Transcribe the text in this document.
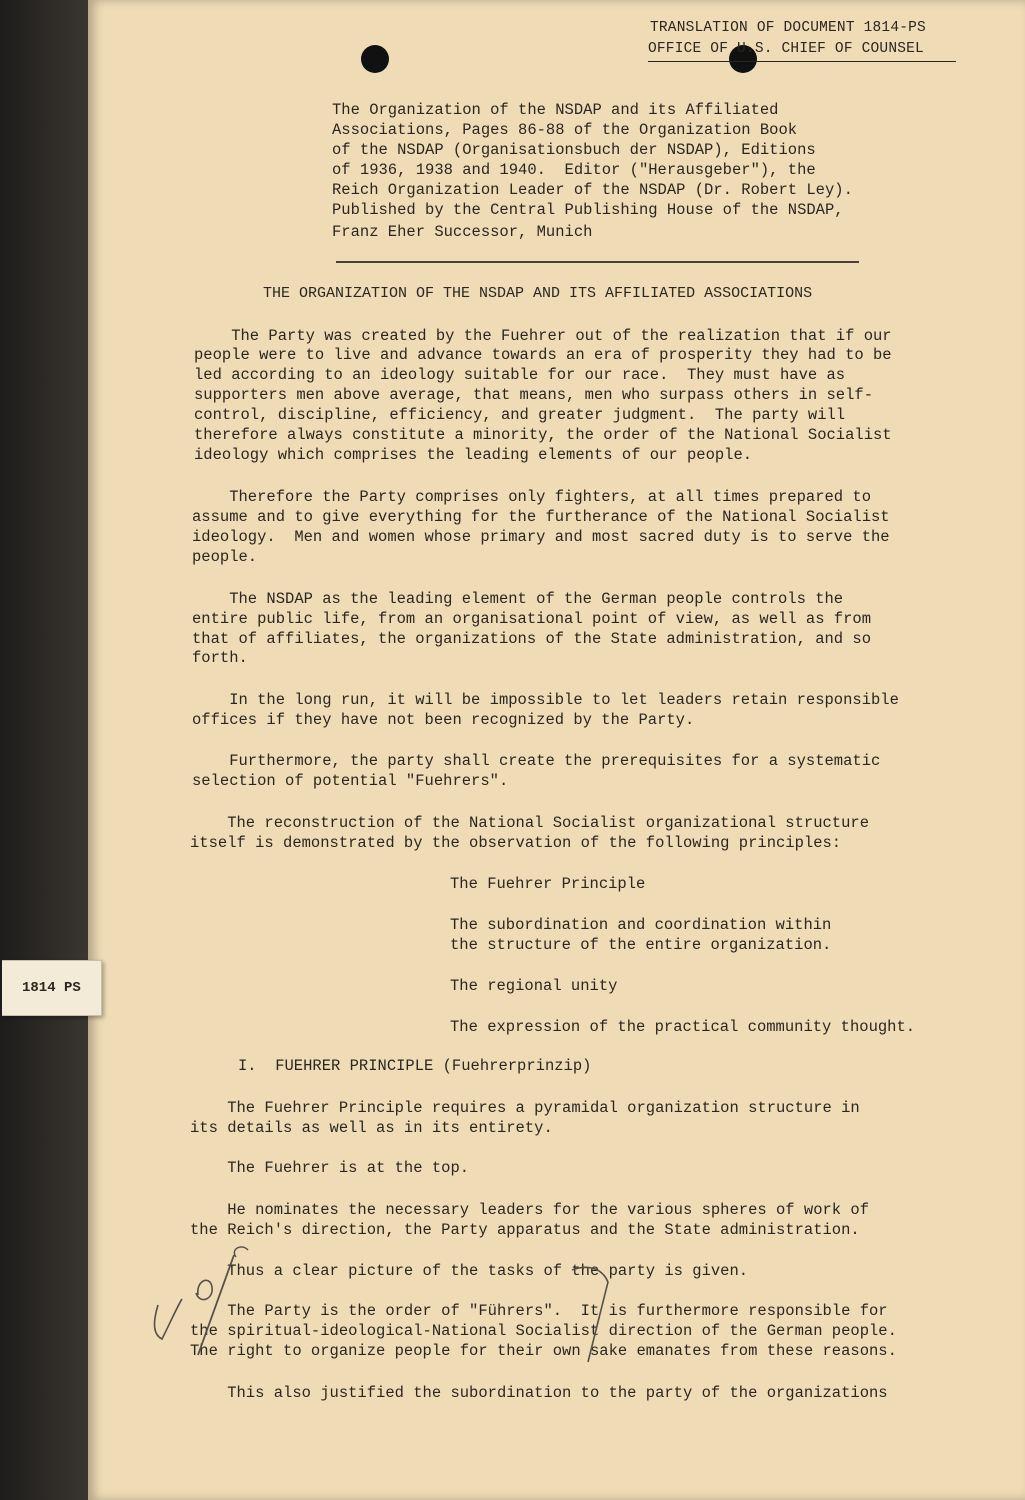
TRANSLATION OF DOCUMENT 1814-PS
OFFICE OF U.S. CHIEF OF COUNSEL
The Organization of the NSDAP and its Affiliated
Associations, Pages 86-88 of the Organization Book
of the NSDAP (Organisationsbuch der NSDAP), Editions
of 1936, 1938 and 1940.  Editor ("Herausgeber"), the
Reich Organization Leader of the NSDAP (Dr. Robert Ley).
Published by the Central Publishing House of the NSDAP,
Franz Eher Successor, Munich
THE ORGANIZATION OF THE NSDAP AND ITS AFFILIATED ASSOCIATIONS
The Party was created by the Fuehrer out of the realization that if our
people were to live and advance towards an era of prosperity they had to be
led according to an ideology suitable for our race.  They must have as
supporters men above average, that means, men who surpass others in self-
control, discipline, efficiency, and greater judgment.  The party will
therefore always constitute a minority, the order of the National Socialist
ideology which comprises the leading elements of our people.
Therefore the Party comprises only fighters, at all times prepared to
assume and to give everything for the furtherance of the National Socialist
ideology.  Men and women whose primary and most sacred duty is to serve the
people.
The NSDAP as the leading element of the German people controls the
entire public life, from an organisational point of view, as well as from
that of affiliates, the organizations of the State administration, and so
forth.
In the long run, it will be impossible to let leaders retain responsible
offices if they have not been recognized by the Party.
Furthermore, the party shall create the prerequisites for a systematic
selection of potential "Fuehrers".
The reconstruction of the National Socialist organizational structure
itself is demonstrated by the observation of the following principles:
The Fuehrer Principle
The subordination and coordination within
the structure of the entire organization.
The regional unity
The expression of the practical community thought.
I.  FUEHRER PRINCIPLE (Fuehrerprinzip)
The Fuehrer Principle requires a pyramidal organization structure in
its details as well as in its entirety.
The Fuehrer is at the top.
He nominates the necessary leaders for the various spheres of work of
the Reich's direction, the Party apparatus and the State administration.
Thus a clear picture of the tasks of the party is given.
The Party is the order of "Führers".  It is furthermore responsible for
the spiritual-ideological-National Socialist direction of the German people.
The right to organize people for their own sake emanates from these reasons.
This also justified the subordination to the party of the organizations
1814 PS
